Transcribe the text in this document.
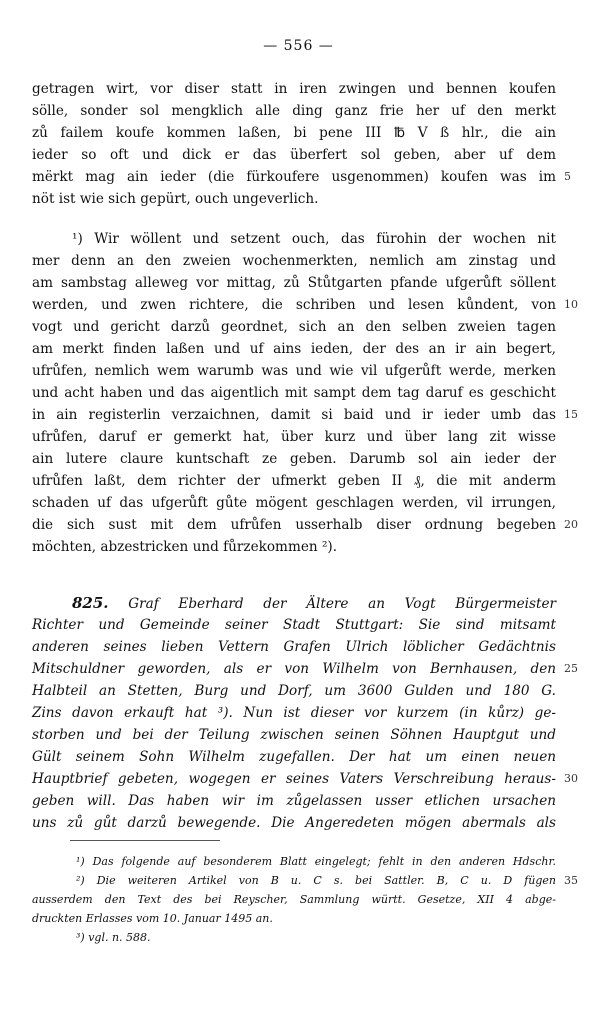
— 556 —
getragen wirt, vor diser statt in iren zwingen und bennen koufen
sölle, sonder sol mengklich alle ding ganz frie her uf den merkt
zů failem koufe kommen laßen, bi pene III ℔ V ß hlr., die ain
ieder so oft und dick er das überfert sol geben, aber uf dem
mërkt mag ain ieder (die fürkoufere usgenommen) koufen was im 5
nöt ist wie sich gepürt, ouch ungeverlich.
¹) Wir wöllent und setzent ouch, das fürohin der wochen nit
mer denn an den zweien wochenmerkten, nemlich am zinstag und
am sambstag alleweg vor mittag, zů Stůtgarten pfande ufgerůft söllent
werden, und zwen richtere, die schriben und lesen kůndent, von 10
vogt und gericht darzů geordnet, sich an den selben zweien tagen
am merkt finden laßen und uf ains ieden, der des an ir ain begert,
ufrůfen, nemlich wem warumb was und wie vil ufgerůft werde, merken
und acht haben und das aigentlich mit sampt dem tag daruf es geschicht
in ain registerlin verzaichnen, damit si baid und ir ieder umb das 15
ufrůfen, daruf er gemerkt hat, über kurz und über lang zit wisse
ain lutere claure kuntschaft ze geben. Darumb sol ain ieder der
ufrůfen laßt, dem richter der ufmerkt geben II ₰, die mit anderm
schaden uf das ufgerůft gůte mögent geschlagen werden, vil irrungen,
die sich sust mit dem ufrůfen usserhalb diser ordnung begeben 20
möchten, abzestricken und fůrzekommen ²).
825. Graf Eberhard der Ältere an Vogt Bürgermeister
Richter und Gemeinde seiner Stadt Stuttgart: Sie sind mitsamt
anderen seines lieben Vettern Grafen Ulrich löblicher Gedächtnis
Mitschuldner geworden, als er von Wilhelm von Bernhausen, den 25
Halbteil an Stetten, Burg und Dorf, um 3600 Gulden und 180 G.
Zins davon erkauft hat ³). Nun ist dieser vor kurzem (in kůrz) ge-
storben und bei der Teilung zwischen seinen Söhnen Hauptgut und
Gült seinem Sohn Wilhelm zugefallen. Der hat um einen neuen
Hauptbrief gebeten, wogegen er seines Vaters Verschreibung heraus- 30
geben will. Das haben wir im zůgelassen usser etlichen ursachen
uns zů gůt darzů bewegende. Die Angeredeten mögen abermals als
¹) Das folgende auf besonderem Blatt eingelegt; fehlt in den anderen Hdschr.
²) Die weiteren Artikel von B u. C s. bei Sattler. B, C u. D fügen 35
ausserdem den Text des bei Reyscher, Sammlung württ. Gesetze, XII 4 abge-
druckten Erlasses vom 10. Januar 1495 an.
³) vgl. n. 588.
